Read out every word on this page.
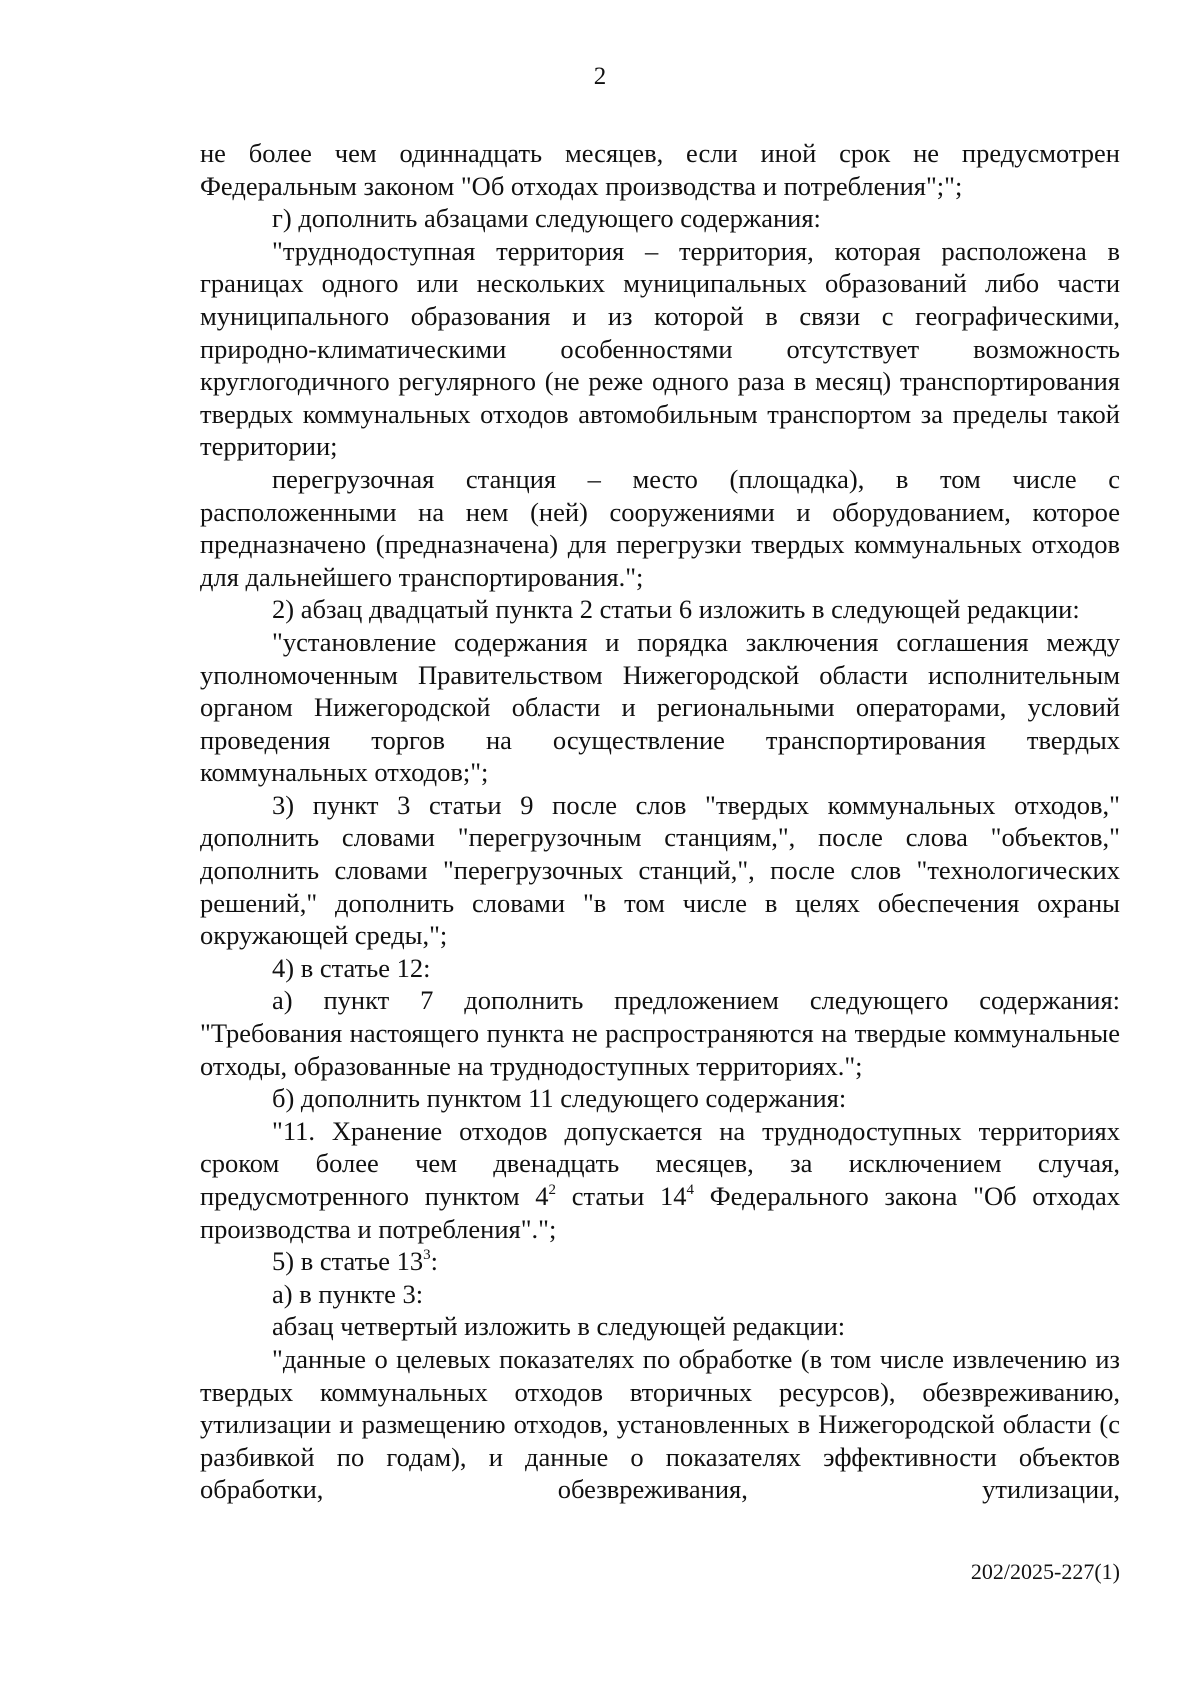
2

не более чем одиннадцать месяцев, если иной срок не предусмотрен Федеральным законом "Об отходах производства и потребления";";

г) дополнить абзацами следующего содержания:

"труднодоступная территория – территория, которая расположена в границах одного или нескольких муниципальных образований либо части муниципального образования и из которой в связи с географическими, природно-климатическими особенностями отсутствует возможность круглогодичного регулярного (не реже одного раза в месяц) транспортирования твердых коммунальных отходов автомобильным транспортом за пределы такой территории;

перегрузочная станция – место (площадка), в том числе с расположенными на нем (ней) сооружениями и оборудованием, которое предназначено (предназначена) для перегрузки твердых коммунальных отходов для дальнейшего транспортирования.";

2) абзац двадцатый пункта 2 статьи 6 изложить в следующей редакции:

"установление содержания и порядка заключения соглашения между уполномоченным Правительством Нижегородской области исполнительным органом Нижегородской области и региональными операторами, условий проведения торгов на осуществление транспортирования твердых коммунальных отходов;";

3) пункт 3 статьи 9 после слов "твердых коммунальных отходов," дополнить словами "перегрузочным станциям,", после слова "объектов," дополнить словами "перегрузочных станций,", после слов "технологических решений," дополнить словами "в том числе в целях обеспечения охраны окружающей среды,";

4) в статье 12:

а) пункт 7 дополнить предложением следующего содержания: "Требования настоящего пункта не распространяются на твердые коммунальные отходы, образованные на труднодоступных территориях.";

б) дополнить пунктом 11 следующего содержания:

"11. Хранение отходов допускается на труднодоступных территориях сроком более чем двенадцать месяцев, за исключением случая, предусмотренного пунктом $4^2$ статьи $14^4$ Федерального закона "Об отходах производства и потребления".";

5) в статье $13^3$:

а) в пункте 3:

абзац четвертый изложить в следующей редакции:

"данные о целевых показателях по обработке (в том числе извлечению из твердых коммунальных отходов вторичных ресурсов), обезвреживанию, утилизации и размещению отходов, установленных в Нижегородской области (с разбивкой по годам), и данные о показателях эффективности объектов обработки, обезвреживания, утилизации,

202/2025-227(1)
